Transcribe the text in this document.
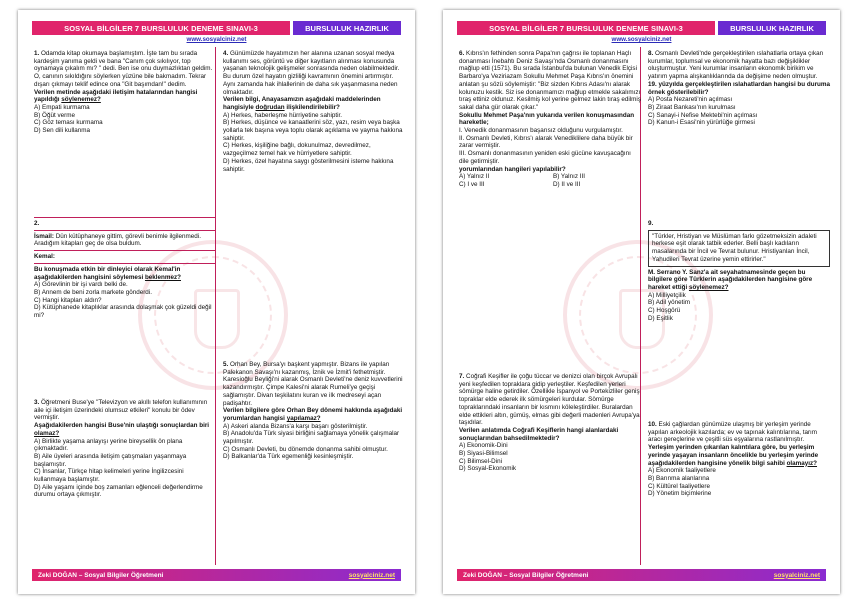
SOSYAL BİLGİLER 7 BURSLULUK DENEME SINAVI-3	BURSLULUK HAZIRLIK
www.sosyalciniz.net

1. Odamda kitap okumaya başlamıştım. İşte tam bu sırada kardeşim yanıma geldi ve bana "Canım çok sıkılıyor, top oynamaya çıkalım mı? " dedi. Ben ise onu duymazlıktan geldim. O, canının sıkıldığını söylerken yüzüne bile bakmadım. Tekrar dışarı çıkmayı teklif edince ona "Git başımdan!" dedim.

Verilen metinde aşağıdaki iletişim hatalarından hangisi yapıldığı söylenemez?

A) Empati kurmama
B) Öğüt verme
C) Göz teması kurmama
D) Sen dili kullanma

2.

İsmail: Dün kütüphaneye gittim, görevli benimle ilgilenmedi. Aradığım kitapları geç de olsa buldum.

Kemal:

Bu konuşmada etkin bir dinleyici olarak Kemal'in aşağıdakilerden hangisini söylemesi beklenmez?

A) Görevlinin bir işi vardı belki de.
B) Annem de beni zorla markete gönderdi.
C) Hangi kitapları aldın?
D) Kütüphanede kitaplıklar arasında dolaşmak çok güzeldi değil mi?

3. Öğretmeni Buse'ye "Televizyon ve akıllı telefon kullanımının aile içi iletişim üzerindeki olumsuz etkileri" konulu bir ödev vermiştir.

Aşağıdakilerden hangisi Buse'nin ulaştığı sonuçlardan biri olamaz?

A) Birlikte yaşama anlayışı yerine bireysellik ön plana çıkmaktadır.
B) Aile üyeleri arasında iletişim çatışmaları yaşanmaya başlamıştır.
C) İnsanlar, Türkçe hitap kelimeleri yerine İngilizcesini kullanmaya başlamıştır.
D) Aile yaşamı içinde boş zamanları eğlenceli değerlendirme durumu ortaya çıkmıştır.

4. Günümüzde hayatımızın her alanına uzanan sosyal medya kullanımı ses, görüntü ve diğer kayıtların alınması konusunda yaşanan teknolojik gelişmeler sonrasında neden olabilmektedir. Bu durum özel hayatın gizliliği kavramının önemini artırmıştır. Aynı zamanda hak ihlallerinin de daha sık yaşanmasına neden olmaktadır.

Verilen bilgi, Anayasamızın aşağıdaki maddelerinden hangisiyle doğrudan ilişkilendirilebilir?

A) Herkes, haberleşme hürriyetine sahiptir.
B) Herkes, düşünce ve kanaatlerini söz, yazı, resim veya başka yollarla tek başına veya toplu olarak açıklama ve yayma hakkına sahiptir.
C) Herkes, kişiliğine bağlı, dokunulmaz, devredilmez, vazgeçilmez temel hak ve hürriyetlere sahiptir.
D) Herkes, özel hayatına saygı gösterilmesini isteme hakkına sahiptir.

5. Orhan Bey, Bursa'yı başkent yapmıştır. Bizans ile yapılan Palekanon Savaşı'nı kazanmış, İznik ve İzmit'i fethetmiştir. Karesioğlu Beyliği'ni alarak Osmanlı Devleti'ne deniz kuvvetlerini kazandırmıştır. Çimpe Kalesi'ni alarak Rumeli'ye geçişi sağlamıştır. Divan teşkilatını kuran ve ilk medreseyi açan padişahtır.

Verilen bilgilere göre Orhan Bey dönemi hakkında aşağıdaki yorumlardan hangisi yapılamaz?

A) Askeri alanda Bizans'a karşı başarı gösterilmiştir.
B) Anadolu'da Türk siyasi birliğini sağlamaya yönelik çalışmalar yapılmıştır.
C) Osmanlı Devleti, bu dönemde donanma sahibi olmuştur.
D) Balkanlar'da Türk egemenliği kesinleşmiştir.
Zeki DOĞAN – Sosyal Bilgiler Öğretmeni	sosyalciniz.net
SOSYAL BİLGİLER 7 BURSLULUK DENEME SINAVI-3	BURSLULUK HAZIRLIK
www.sosyalciniz.net

6. Kıbrıs'ın fethinden sonra Papa'nın çağrısı ile toplanan Haçlı donanması İnebahtı Deniz Savaşı'nda Osmanlı donanmasını mağlup etti (1571). Bu sırada İstanbul'da bulunan Venedik Elçisi Barbaro'ya Veziriazam Sokullu Mehmet Paşa Kıbrıs'ın önemini anlatan şu sözü söylemiştir: "Biz sizden Kıbrıs Adası'nı alarak kolunuzu kestik. Siz ise donanmamızı mağlup etmekle sakalımızı tıraş ettiniz oldunuz. Kesilmiş kol yerine gelmez lakin tıraş edilmiş sakal daha gür olarak çıkar."

Sokullu Mehmet Paşa'nın yukarıda verilen konuşmasından hareketle;

I. Venedik donanmasının başarısız olduğunu vurgulamıştır.
II. Osmanlı Devleti, Kıbrıs'ı alarak Venediklilere daha büyük bir zarar vermiştir.
III. Osmanlı donanmasının yeniden eski gücüne kavuşacağını dile getirmiştir.

yorumlarından hangileri yapılabilir?

A) Yalnız II	B) Yalnız III
C) I ve III	D) II ve III

7. Coğrafi Keşifler ile çoğu tüccar ve denizci olan birçok Avrupalı yeni keşfedilen topraklara gidip yerleştiler. Keşfedilen yerleri sömürge haline getirdiler. Özellikle İspanyol ve Portekizliler geniş topraklar elde ederek ilk sömürgeleri kurdular. Sömürge topraklarındaki insanların bir kısmını köleleştirdiler. Buralardan elde ettikleri altın, gümüş, elmas gibi değerli madenleri Avrupa'ya taşıdılar.

Verilen anlatımda Coğrafi Keşiflerin hangi alanlardaki sonuçlarından bahsedilmektedir?

A) Ekonomik-Dini
B) Siyasi-Bilimsel
C) Bilimsel-Dini
D) Sosyal-Ekonomik

8. Osmanlı Devleti'nde gerçekleştirilen ıslahatlarla ortaya çıkan kurumlar, toplumsal ve ekonomik hayatta bazı değişiklikler oluşturmuştur. Yeni kurumlar insanların ekonomik birikim ve yatırım yapma alışkanlıklarında da değişime neden olmuştur.

19. yüzyılda gerçekleştirilen ıslahatlardan hangisi bu duruma örnek gösterilebilir?

A) Posta Nezareti'nin açılması
B) Ziraat Bankası'nın kurulması
C) Sanayi-i Nefise Mektebi'nin açılması
D) Kanun-i Esasi'nin yürürlüğe girmesi

9.

"Türkler, Hristiyan ve Müslüman farkı gözetmeksizin adaleti herkese eşit olarak tatbik ederler. Belli başlı kadıların masalarında bir İncil ve Tevrat bulunur. Hristiyanları İncil, Yahudileri Tevrat üzerine yemin ettirirler."

M. Serrano Y. Sanz'a ait seyahatnamesinde geçen bu bilgilere göre Türklerin aşağıdakilerden hangisine göre hareket ettiği söylenemez?

A) Milliyetçilik
B) Adil yönetim
C) Hoşgörü
D) Eşitlik

10. Eski çağlardan günümüze ulaşmış bir yerleşim yerinde yapılan arkeolojik kazılarda; ev ve tapınak kalıntılarına, tarım aracı gereçlerine ve çeşitli süs eşyalarına rastlanılmıştır.

Yerleşim yerinden çıkarılan kalıntılara göre, bu yerleşim yerinde yaşayan insanların öncelikle bu yerleşim yerinde aşağıdakilerden hangisine yönelik bilgi sahibi olamayız?

A) Ekonomik faaliyetlere
B) Barınma alanlarına
C) Kültürel faaliyetlere
D) Yönetim biçimlerine
Zeki DOĞAN – Sosyal Bilgiler Öğretmeni	sosyalciniz.net
